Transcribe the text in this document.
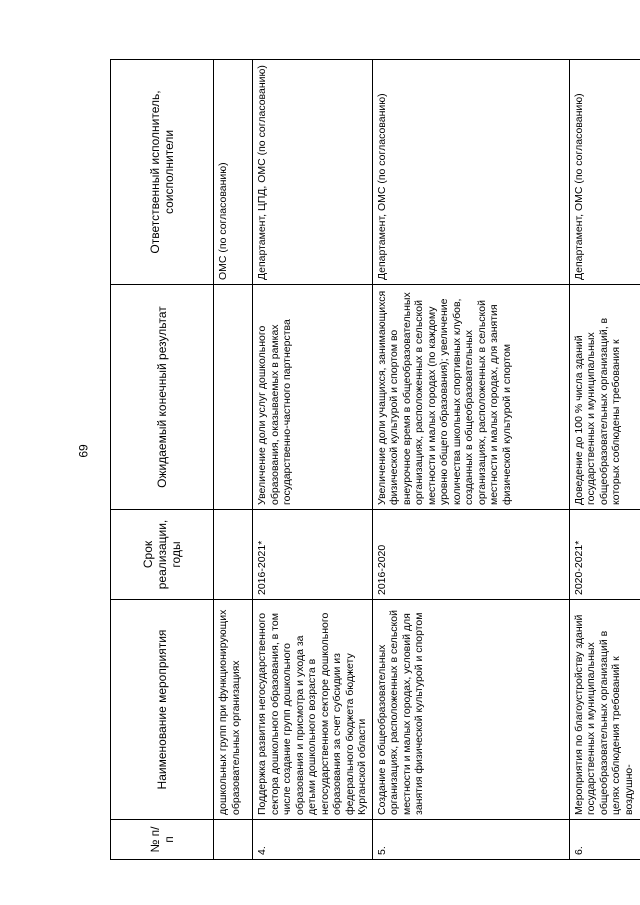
69
№ п/п	Наименование мероприятия	Срок реализации, годы	Ожидаемый конечный результат	Ответственный исполнитель, соисполнители
	дошкольных групп при функционирующих образовательных организациях			ОМС (по согласованию)
4.	Поддержка развития негосударственного сектора дошкольного образования, в том числе создание групп дошкольного образования и присмотра и ухода за детьми дошкольного возраста в негосударственном секторе дошкольного образования за счет субсидии из федерального бюджета бюджету Курганской области	2016-2021*	Увеличение доли услуг дошкольного образования, оказываемых в рамках государственно-частного партнерства	Департамент, ЦПД, ОМС (по согласованию)
5.	Создание в общеобразовательных организациях, расположенных в сельской местности и малых городах, условий для занятия физической культурой и спортом	2016-2020	Увеличение доли учащихся, занимающихся физической культурой и спортом во внеурочное время в общеобразовательных организациях, расположенных в сельской местности и малых городах (по каждому уровню общего образования); увеличение количества школьных спортивных клубов, созданных в общеобразовательных организациях, расположенных в сельской местности и малых городах, для занятия физической культурой и спортом	Департамент, ОМС (по согласованию)
6.	Мероприятия по благоустройству зданий государственных и муниципальных общеобразовательных организаций в целях соблюдения требований к воздушно-	2020-2021*	Доведение до 100 % числа зданий государственных и муниципальных общеобразовательных организаций, в которых соблюдены требования к	Департамент, ОМС (по согласованию)
